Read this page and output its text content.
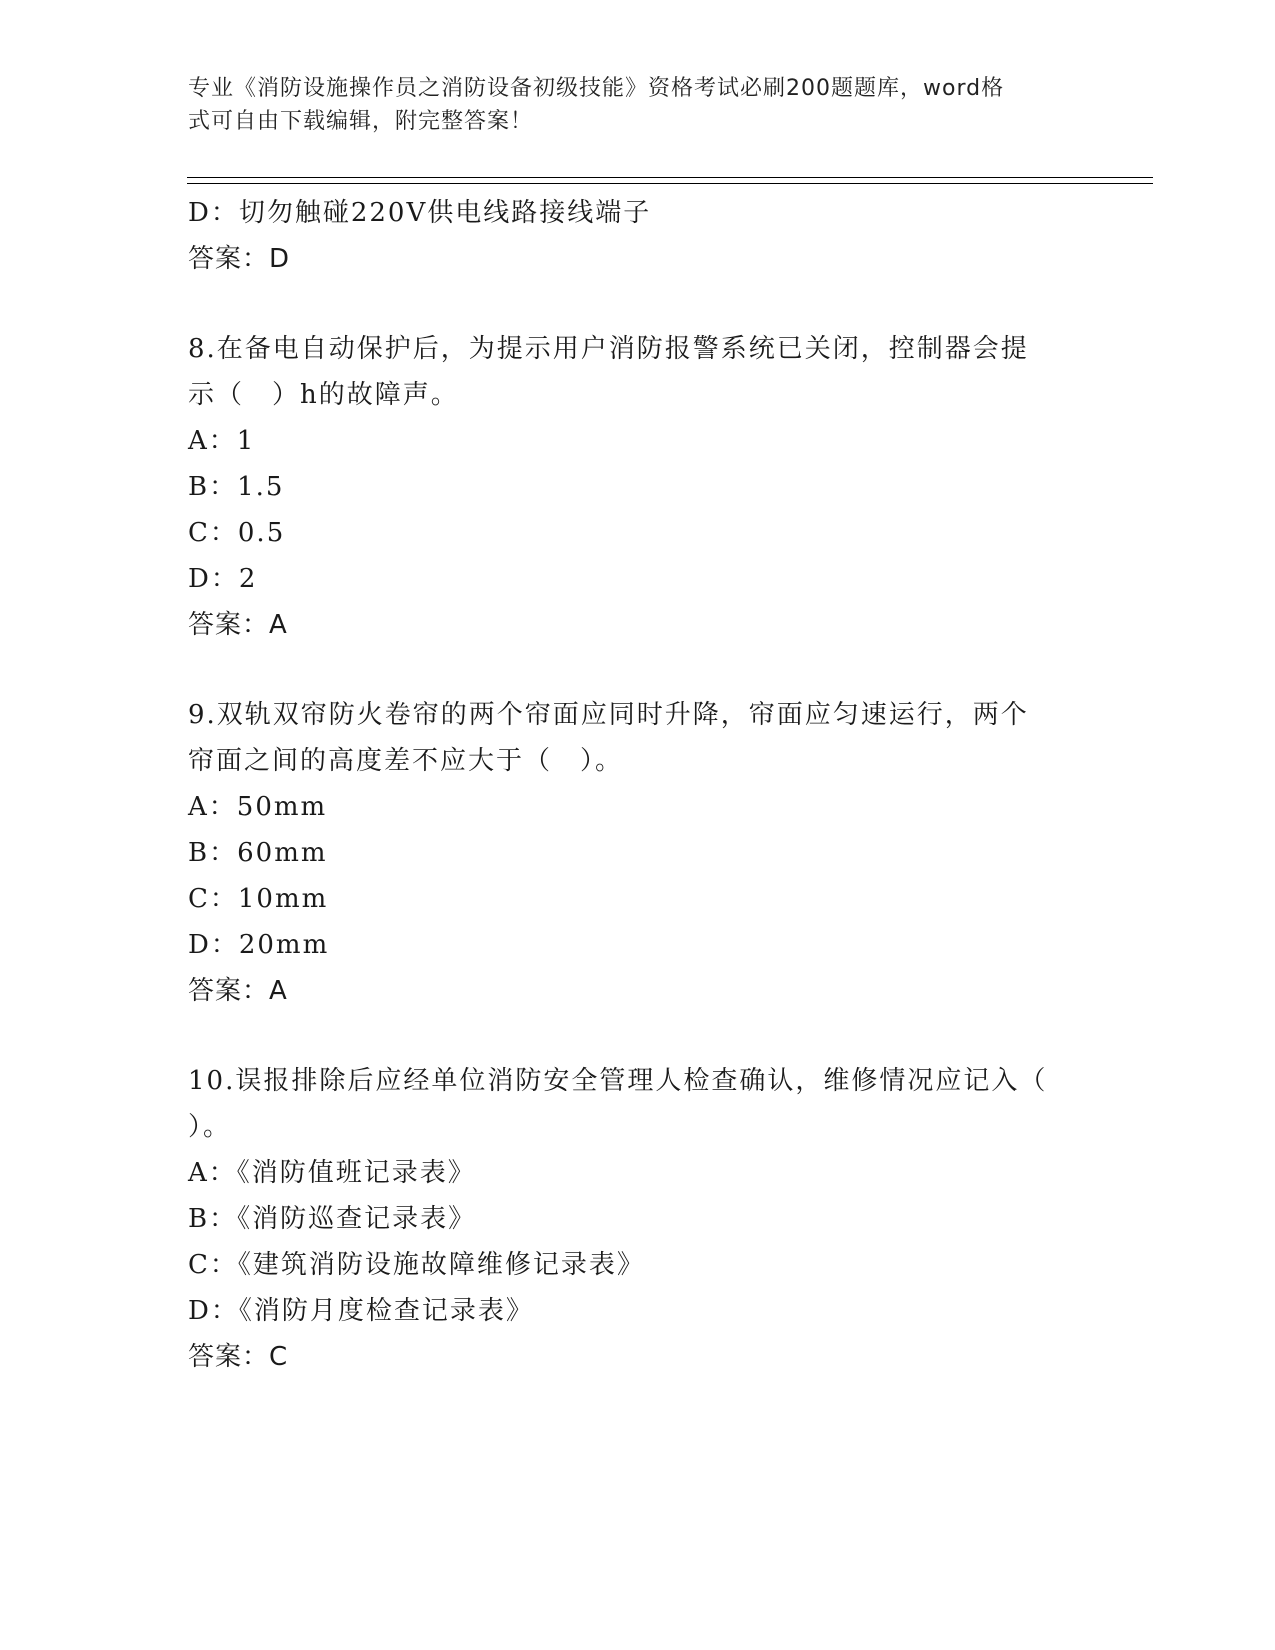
专业《消防设施操作员之消防设备初级技能》资格考试必刷200题题库，word格
式可自由下载编辑，附完整答案！
D：切勿触碰220V供电线路接线端子
答案：D
8.在备电自动保护后，为提示用户消防报警系统已关闭，控制器会提
示（　）h的故障声。
A：1
B：1.5
C：0.5
D：2
答案：A
9.双轨双帘防火卷帘的两个帘面应同时升降，帘面应匀速运行，两个
帘面之间的高度差不应大于（　）。
A：50mm
B：60mm
C：10mm
D：20mm
答案：A
10.误报排除后应经单位消防安全管理人检查确认，维修情况应记入（
）。
A：《消防值班记录表》
B：《消防巡查记录表》
C：《建筑消防设施故障维修记录表》
D：《消防月度检查记录表》
答案：C
